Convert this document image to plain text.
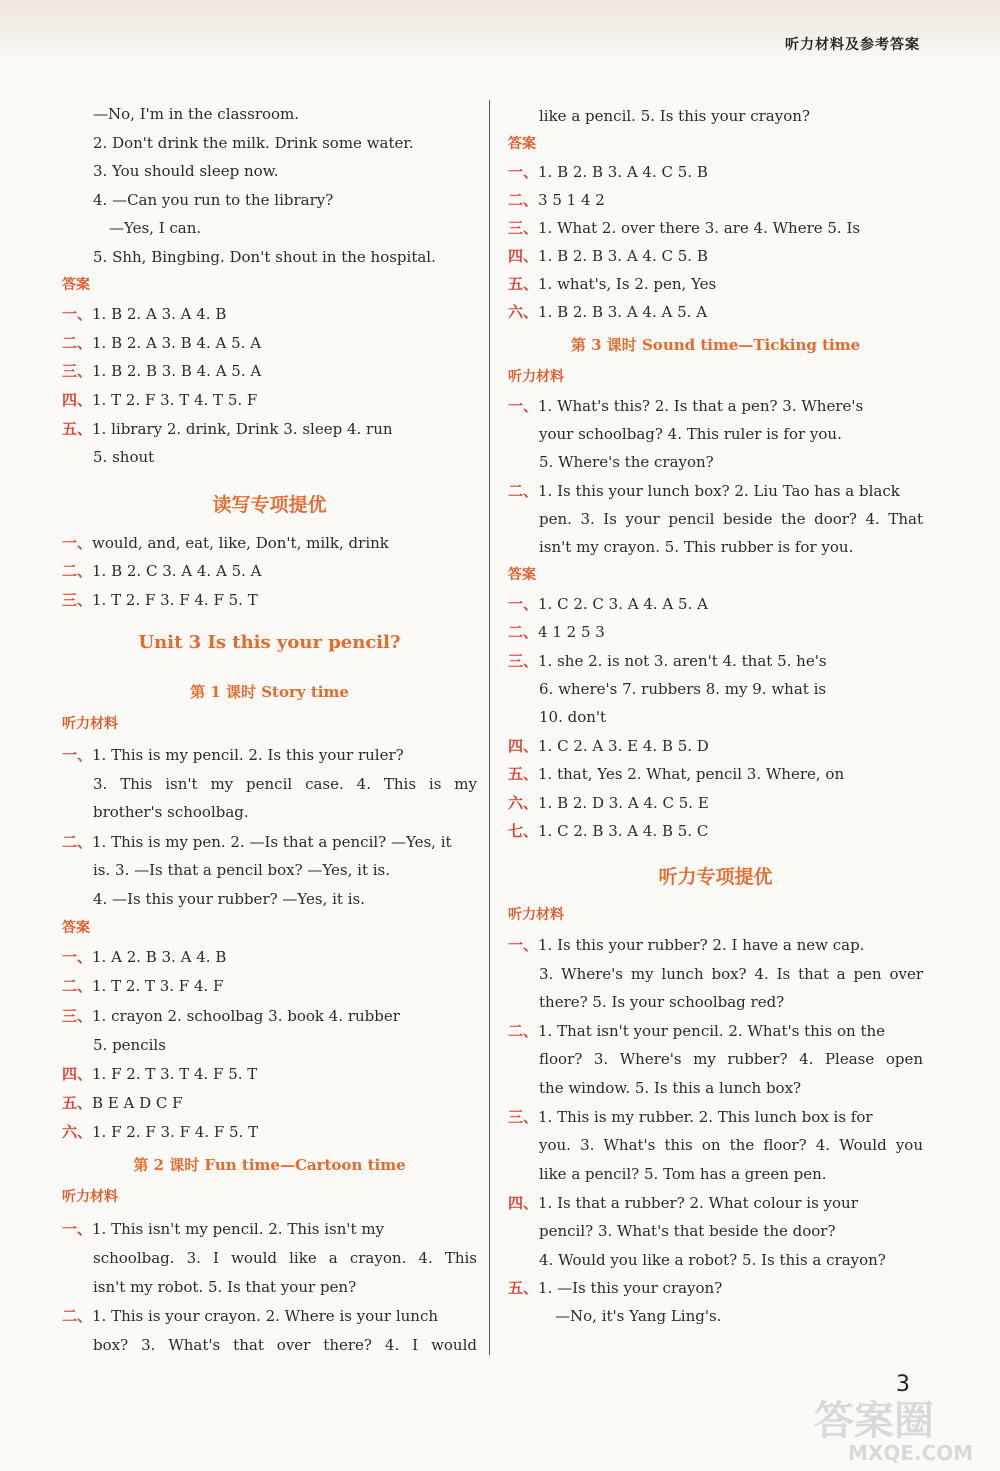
听力材料及参考答案
—No, I'm in the classroom.
2. Don't drink the milk. Drink some water.
3. You should sleep now.
4. —Can you run to the library?
—Yes, I can.
5. Shh, Bingbing. Don't shout in the hospital.
答案
一、1. B 2. A 3. A 4. B
二、1. B 2. A 3. B 4. A 5. A
三、1. B 2. B 3. B 4. A 5. A
四、1. T 2. F 3. T 4. T 5. F
五、1. library 2. drink, Drink 3. sleep 4. run
5. shout
读写专项提优
一、would, and, eat, like, Don't, milk, drink
二、1. B 2. C 3. A 4. A 5. A
三、1. T 2. F 3. F 4. F 5. T
Unit 3 Is this your pencil?
第 1 课时 Story time
听力材料
一、1. This is my pencil. 2. Is this your ruler?
3. This isn't my pencil case. 4. This is my
brother's schoolbag.
二、1. This is my pen. 2. —Is that a pencil? —Yes, it
is. 3. —Is that a pencil box? —Yes, it is.
4. —Is this your rubber? —Yes, it is.
答案
一、1. A 2. B 3. A 4. B
二、1. T 2. T 3. F 4. F
三、1. crayon 2. schoolbag 3. book 4. rubber
5. pencils
四、1. F 2. T 3. T 4. F 5. T
五、B E A D C F
六、1. F 2. F 3. F 4. F 5. T
第 2 课时 Fun time—Cartoon time
听力材料
一、1. This isn't my pencil. 2. This isn't my
schoolbag. 3. I would like a crayon. 4. This
isn't my robot. 5. Is that your pen?
二、1. This is your crayon. 2. Where is your lunch
box? 3. What's that over there? 4. I would
like a pencil. 5. Is this your crayon?
答案
一、1. B 2. B 3. A 4. C 5. B
二、3 5 1 4 2
三、1. What 2. over there 3. are 4. Where 5. Is
四、1. B 2. B 3. A 4. C 5. B
五、1. what's, Is 2. pen, Yes
六、1. B 2. B 3. A 4. A 5. A
第 3 课时 Sound time—Ticking time
听力材料
一、1. What's this? 2. Is that a pen? 3. Where's
your schoolbag? 4. This ruler is for you.
5. Where's the crayon?
二、1. Is this your lunch box? 2. Liu Tao has a black
pen. 3. Is your pencil beside the door? 4. That
isn't my crayon. 5. This rubber is for you.
答案
一、1. C 2. C 3. A 4. A 5. A
二、4 1 2 5 3
三、1. she 2. is not 3. aren't 4. that 5. he's
6. where's 7. rubbers 8. my 9. what is
10. don't
四、1. C 2. A 3. E 4. B 5. D
五、1. that, Yes 2. What, pencil 3. Where, on
六、1. B 2. D 3. A 4. C 5. E
七、1. C 2. B 3. A 4. B 5. C
听力专项提优
听力材料
一、1. Is this your rubber? 2. I have a new cap.
3. Where's my lunch box? 4. Is that a pen over
there? 5. Is your schoolbag red?
二、1. That isn't your pencil. 2. What's this on the
floor? 3. Where's my rubber? 4. Please open
the window. 5. Is this a lunch box?
三、1. This is my rubber. 2. This lunch box is for
you. 3. What's this on the floor? 4. Would you
like a pencil? 5. Tom has a green pen.
四、1. Is that a rubber? 2. What colour is your
pencil? 3. What's that beside the door?
4. Would you like a robot? 5. Is this a crayon?
五、1. —Is this your crayon?
—No, it's Yang Ling's.
3
答案圈
MXQE.COM
